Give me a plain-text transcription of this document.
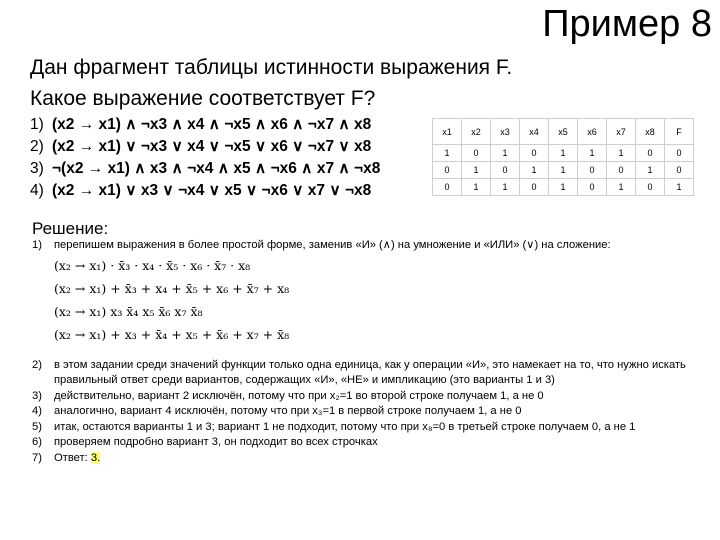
Пример 8
Дан фрагмент таблицы истинности выражения F.
Какое выражение соответствует F?
1) (x2 → x1) ∧ ¬x3 ∧ x4 ∧ ¬x5 ∧ x6 ∧ ¬x7 ∧ x8
2) (x2 → x1) ∨ ¬x3 ∨ x4 ∨ ¬x5 ∨ x6 ∨ ¬x7 ∨ x8
3) ¬(x2 → x1) ∧ x3 ∧ ¬x4 ∧ x5 ∧ ¬x6 ∧ x7 ∧ ¬x8
4) (x2 → x1) ∨ x3 ∨ ¬x4 ∨ x5 ∨ ¬x6 ∨ x7 ∨ ¬x8
x1	x2	x3	x4	x5	x6	x7	x8	F
1	0	1	0	1	1	1	0	0
0	1	0	1	1	0	0	1	0
0	1	1	0	1	0	1	0	1
Решение:
1)	перепишем выражения в более простой форме, заменив «И» (∧) на умножение и «ИЛИ» (∨) на сложение:
(x₂ → x₁) · x̄₃ · x₄ · x̄₅ · x₆ · x̄₇ · x₈
(x₂ → x₁) + x̄₃ + x₄ + x̄₅ + x₆ + x̄₇ + x₈
(x₂ → x₁) x₃ x̄₄ x₅ x̄₆ x₇ x̄₈
(x₂ → x₁) + x₃ + x̄₄ + x₅ + x̄₆ + x₇ + x̄₈
2)	в этом задании среди значений функции только одна единица, как у операции «И», это намекает на то, что нужно искать правильный ответ среди вариантов, содержащих «И», «НЕ» и импликацию (это варианты 1 и 3)
3)	действительно, вариант 2 исключён, потому что при x₂=1 во второй строке получаем 1, а не 0
4)	аналогично, вариант 4 исключён, потому что при x₃=1 в первой строке получаем 1, а не 0
5)	итак, остаются варианты 1 и 3; вариант 1 не подходит, потому что при x₈=0 в третьей строке получаем 0, а не 1
6)	проверяем подробно вариант 3, он подходит во всех строчках
7)	Ответ: 3.
